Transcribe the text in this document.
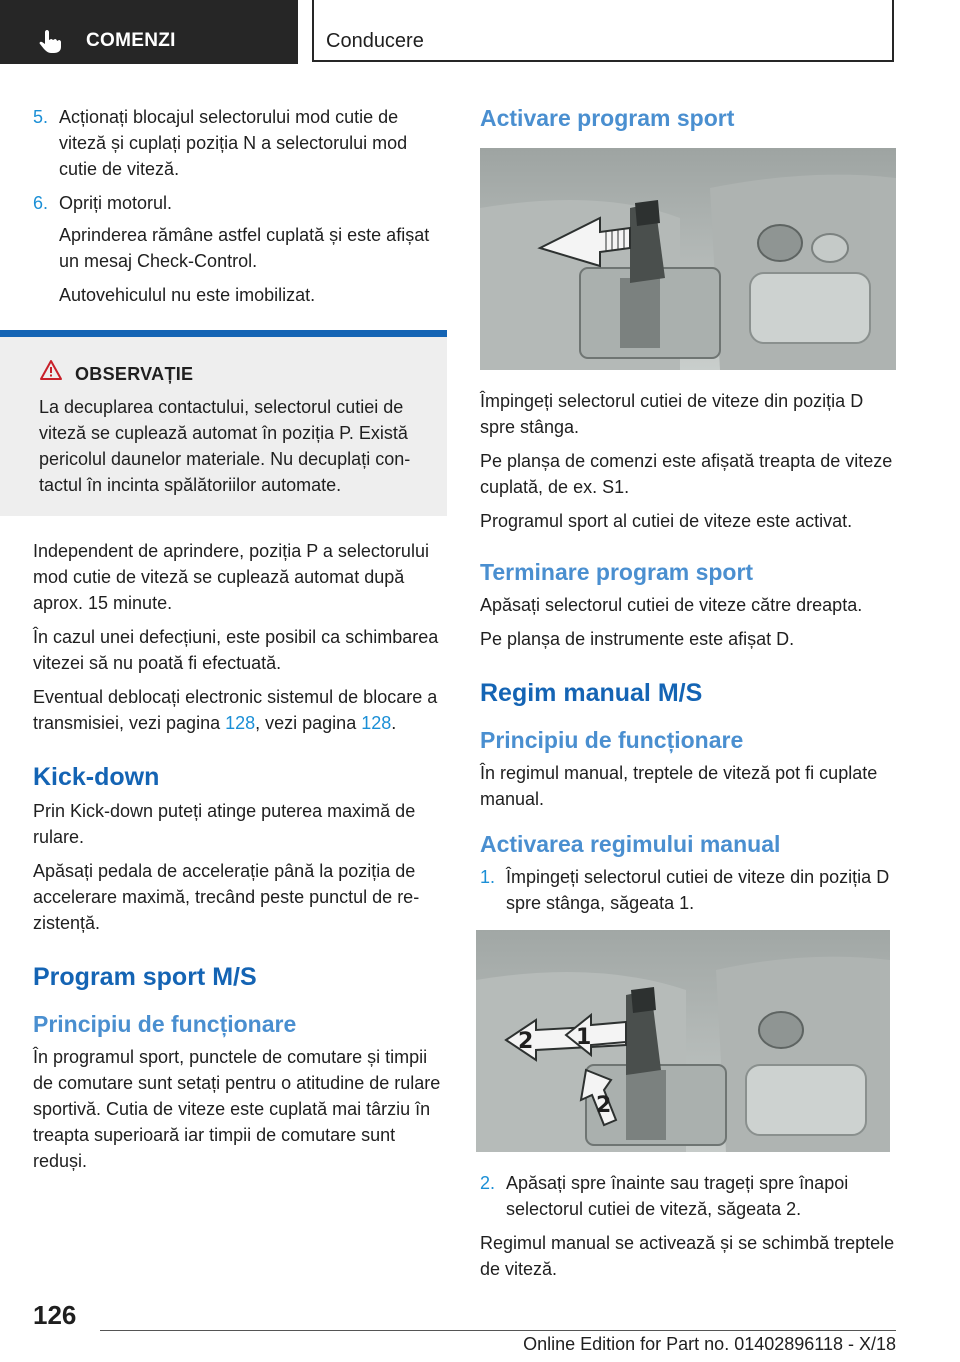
COMENZI	Conducere
5. Acționați blocajul selectorului mod cutie de viteză și cuplați poziția N a selectorului mod cutie de viteză.
6. Opriți motorul.

Aprinderea rămâne astfel cuplată și este afișat un mesaj Check-Control.

Autovehiculul nu este imobilizat.

OBSERVAȚIE
La decuplarea contactului, selectorul cutiei de viteză se cuplează automat în poziția P. Există pericolul daunelor materiale. Nu decuplați contactul în incinta spălătoriilor automate.

Independent de aprindere, poziția P a selectorului mod cutie de viteză se cuplează automat după aprox. 15 minute.

În cazul unei defecțiuni, este posibil ca schimbarea vitezei să nu poată fi efectuată.

Eventual deblocați electronic sistemul de blocare a transmisiei, vezi pagina 128, vezi pagina 128.

Kick-down

Prin Kick-down puteți atinge puterea maximă de rulare.

Apăsați pedala de accelerație până la poziția de accelerare maximă, trecând peste punctul de rezistență.

Program sport M/S
Principiu de funcționare

În programul sport, punctele de comutare și timpii de comutare sunt setați pentru o atitudine de rulare sportivă. Cutia de viteze este cuplată mai târziu în treapta superioară iar timpii de comutare sunt reduși.

Activare program sport

Împingeți selectorul cutiei de viteze din poziția D spre stânga.

Pe planșa de comenzi este afișată treapta de viteze cuplată, de ex. S1.

Programul sport al cutiei de viteze este activat.

Terminare program sport

Apăsați selectorul cutiei de viteze către dreapta.

Pe planșa de instrumente este afișat D.

Regim manual M/S
Principiu de funcționare

În regimul manual, treptele de viteză pot fi cuplate manual.

Activarea regimului manual
1. Împingeți selectorul cutiei de viteze din poziția D spre stânga, săgeata 1.
2 1
2
2. Apăsați spre înainte sau trageți spre înapoi selectorul cutiei de viteză, săgeata 2.

Regimul manual se activează și se schimbă treptele de viteză.

126
Online Edition for Part no. 01402896118 - X/18
